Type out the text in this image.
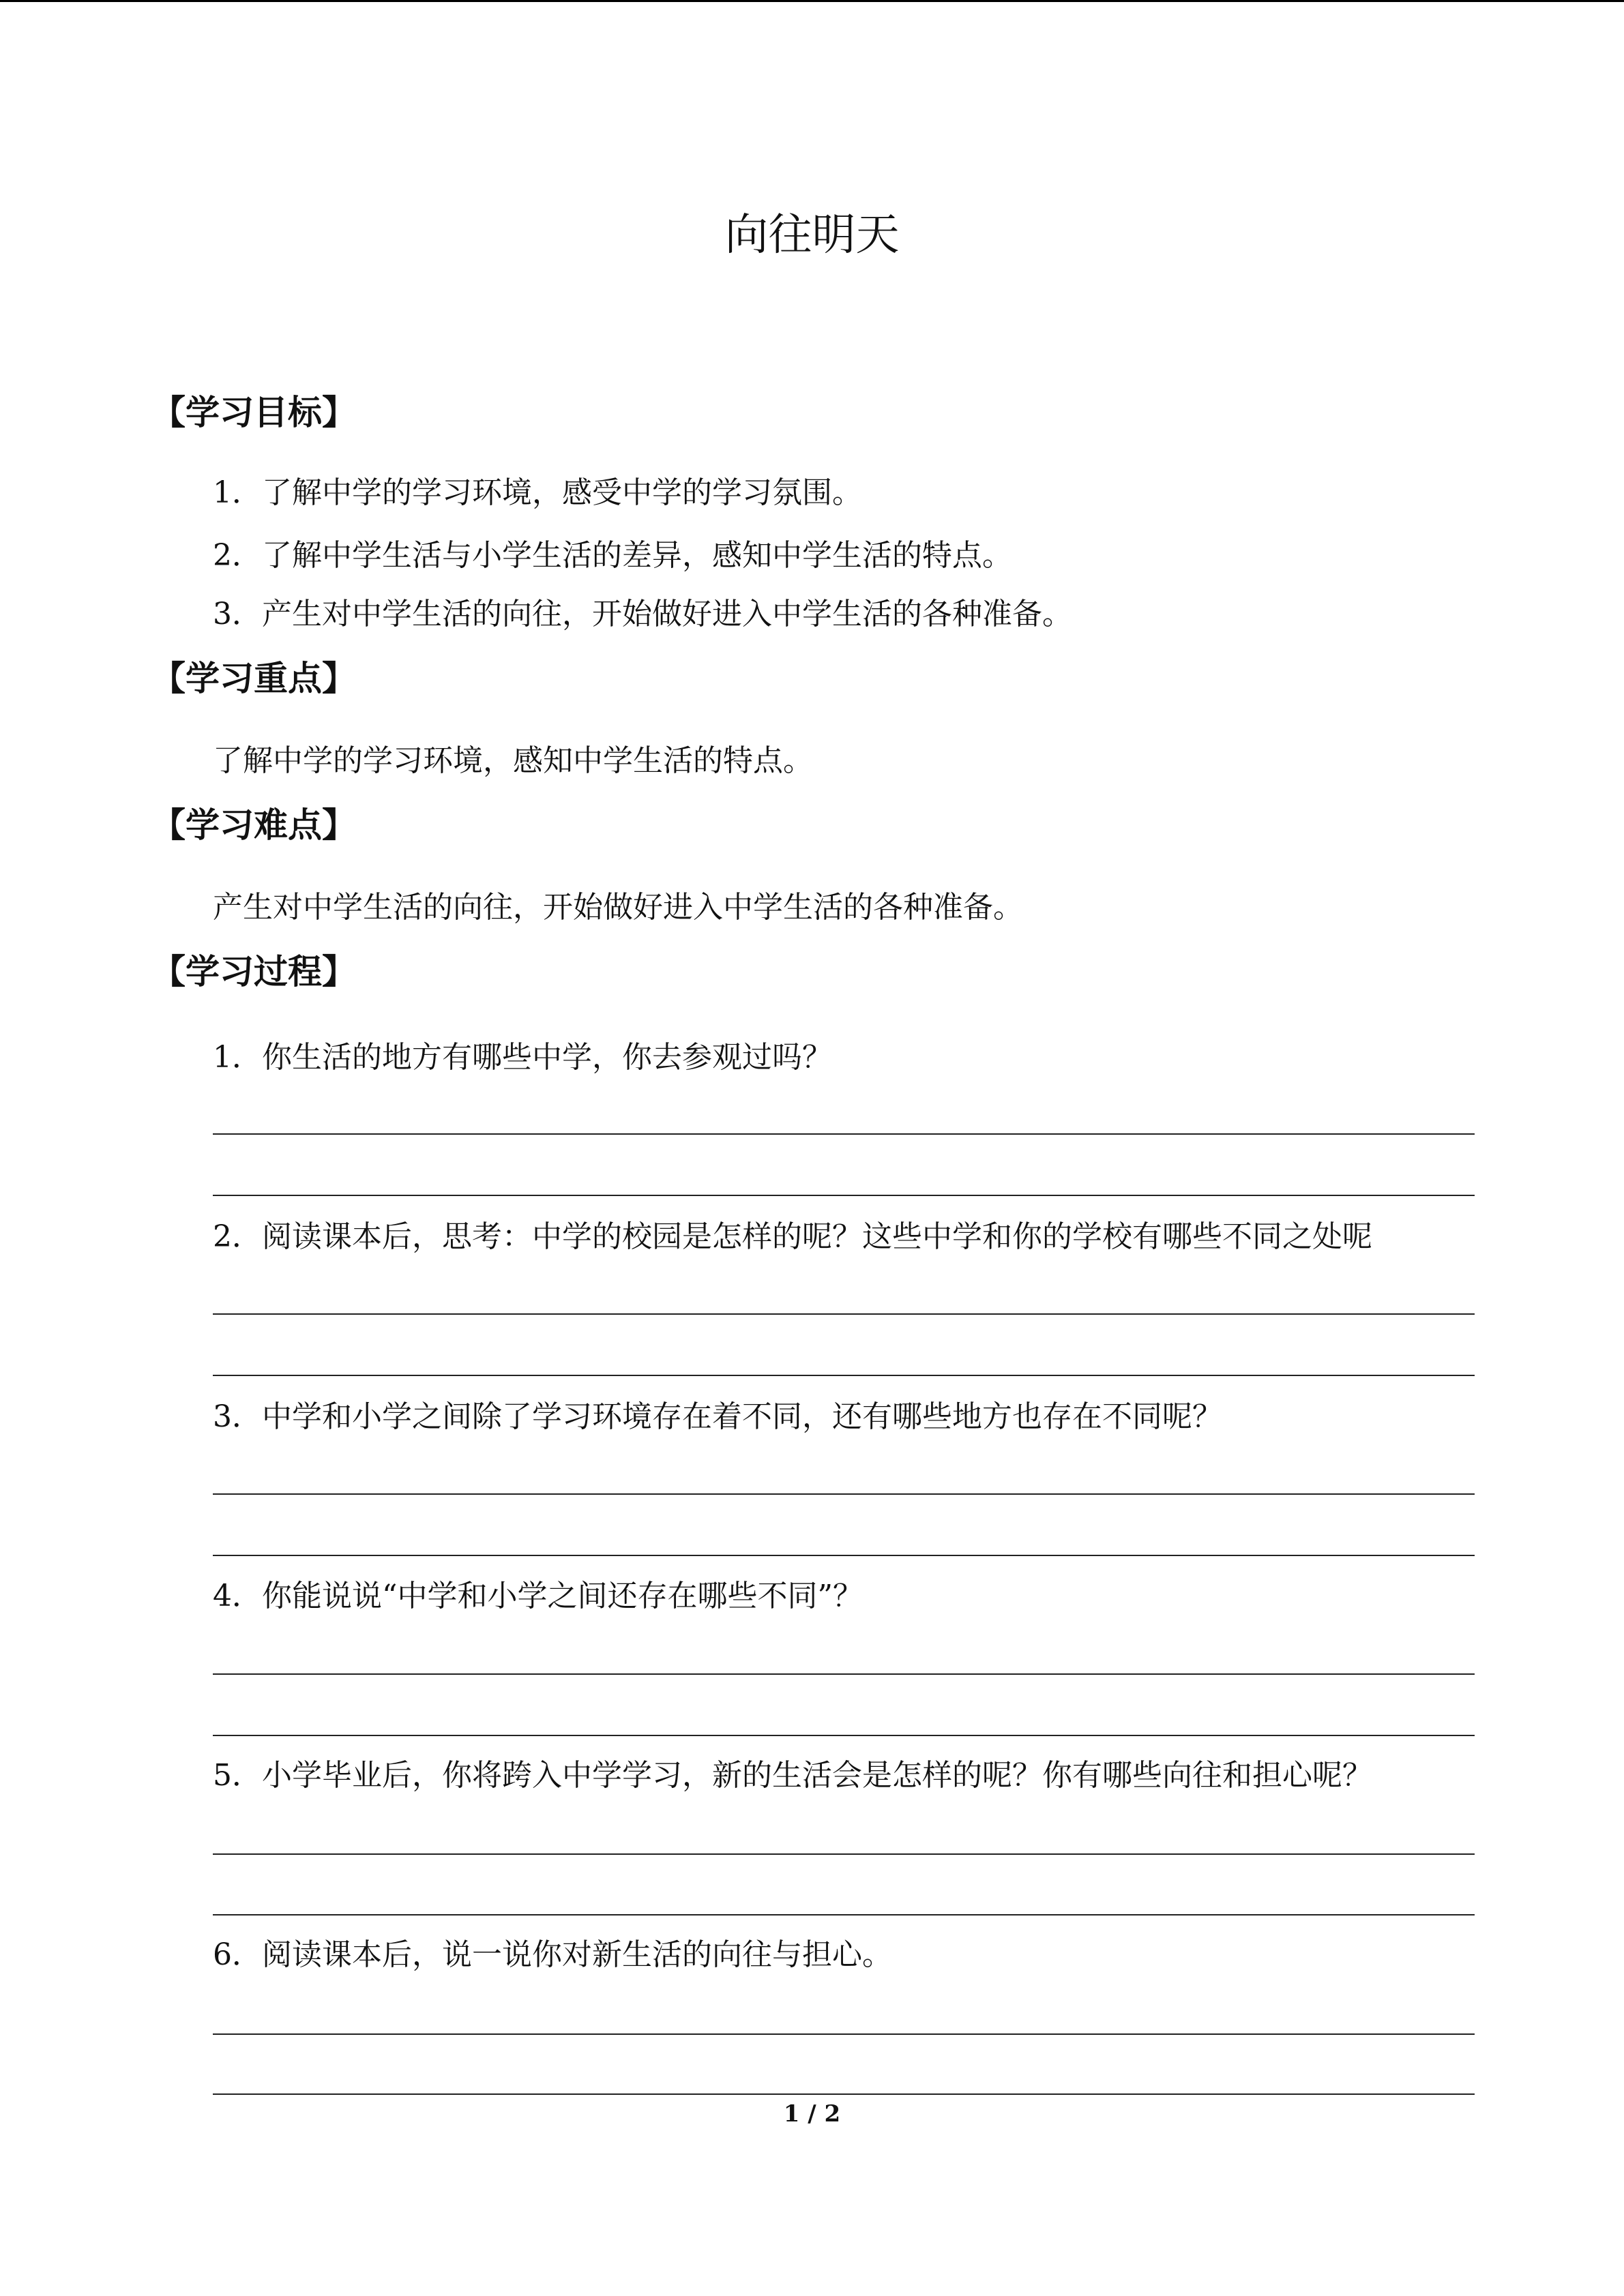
向往明天
【学习目标】
1．了解中学的学习环境，感受中学的学习氛围。
2．了解中学生活与小学生活的差异，感知中学生活的特点。
3．产生对中学生活的向往，开始做好进入中学生活的各种准备。
【学习重点】
了解中学的学习环境，感知中学生活的特点。
【学习难点】
产生对中学生活的向往，开始做好进入中学生活的各种准备。
【学习过程】
1．你生活的地方有哪些中学，你去参观过吗？
2．阅读课本后，思考：中学的校园是怎样的呢？这些中学和你的学校有哪些不同之处呢
3．中学和小学之间除了学习环境存在着不同，还有哪些地方也存在不同呢？
4．你能说说“中学和小学之间还存在哪些不同”？
5．小学毕业后，你将跨入中学学习，新的生活会是怎样的呢？你有哪些向往和担心呢？
6．阅读课本后，说一说你对新生活的向往与担心。
1 / 2
